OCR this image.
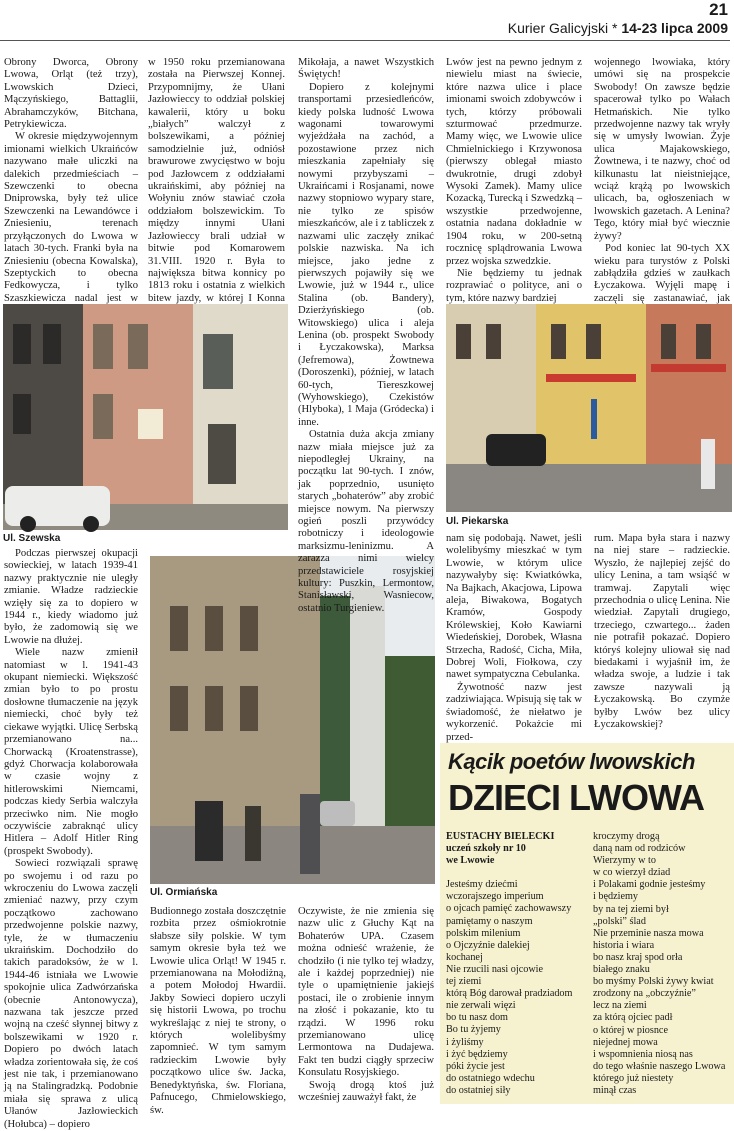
21
Kurier Galicyjski * 14-23 lipca 2009

Obrony Dworca, Obrony Lwowa, Orląt (też trzy), Lwowskich Dzieci, Mączyńskiego, Battaglii, Abrahamczyków, Bitchana, Petrykiewicza.

W okresie międzywojennym imionami wielkich Ukraińców nazywano małe uliczki na dalekich przedmieściach – Szewczenki to obecna Dniprowska, były też ulice Szewczenki na Lewandówce i Zniesieniu, terenach przyłączonych do Lwowa w latach 30-tych. Franki była na Zniesieniu (obecna Kowalska), Szeptyckich to obecna Fedkowycza, i tylko Szaszkiewicza nadal jest w

w 1950 roku przemianowana została na Pierwszej Konnej. Przypomnijmy, że Ułani Jazłowieccy to oddział polskiej kawalerii, który u boku „białych” walczył z bolszewikami, a później samodzielnie już, odniósł brawurowe zwycięstwo w boju pod Jazłowcem z oddziałami ukraińskimi, aby później na Wołyniu znów stawiać czoła oddziałom bolszewickim. To między innymi Ułani Jazłowieccy brali udział w bitwie pod Komarowem 31.VIII. 1920 r. Była to największa bitwa konnicy po 1813 roku i ostatnia z wielkich bitew jazdy, w której I Konna

Ul. Szewska

Podczas pierwszej okupacji sowieckiej, w latach 1939-41 nazwy praktycznie nie uległy zmianie. Władze radzieckie wzięły się za to dopiero w 1944 r., kiedy wiadomo już było, że zadomowią się we Lwowie na dłużej.

Wiele nazw zmienił natomiast w l. 1941-43 okupant niemiecki. Większość zmian było to po prostu dosłowne tłumaczenie na język niemiecki, choć były też ciekawe wyjątki. Ulicę Serbską przemianowano na... Chorwacką (Kroatenstrasse), gdyż Chorwacja kolaborowała w czasie wojny z hitlerowskimi Niemcami, podczas kiedy Serbia walczyła przeciwko nim. Nie mogło oczywiście zabraknąć ulicy Hitlera – Adolf Hitler Ring (prospekt Swobody).

Sowieci rozwiązali sprawę po swojemu i od razu po wkroczeniu do Lwowa zaczęli zmieniać nazwy, przy czym początkowo zachowano przedwojenne polskie nazwy, tyle, że w tłumaczeniu ukraińskim. Dochodziło do takich paradoksów, że w l. 1944-46 istniała we Lwowie spokojnie ulica Zadwórzańska (obecnie Antonowycza), nazwana tak jeszcze przed wojną na cześć słynnej bitwy z bolszewikami w 1920 r. Dopiero po dwóch latach władza zorientowała się, że coś jest nie tak, i przemianowano ją na Stalingradzką. Podobnie miała się sprawa z ulicą Ułanów Jazłowieckich (Hołubca) – dopiero

Ul. Ormiańska

Mikołaja, a nawet Wszystkich Świętych!

Dopiero z kolejnymi transportami przesiedleńców, kiedy polska ludność Lwowa wagonami towarowymi wyjeżdżała na zachód, a pozostawione przez nich mieszkania zapełniały się nowymi przybyszami – Ukraińcami i Rosjanami, nowe nazwy stopniowo wypary stare, nie tylko ze spisów mieszkańców, ale i z tabliczek z nazwami ulic zaczęły znikać polskie nazwiska. Na ich miejsce, jako jedne z pierwszych pojawiły się we Lwowie, już w 1944 r., ulice Stalina (ob. Bandery), Dzierżyńskiego (ob. Witowskiego) ulica i aleja Lenina (ob. prospekt Swobody i Łyczakowska), Marksa (Jefremowa), Żowtnewa (Doroszenki), później, w latach 60-tych, Tiereszkowej (Wyhowskiego), Czekistów (Hlyboka), 1 Maja (Gródecka) i inne.

Ostatnia duża akcja zmiany nazw miała miejsce już za niepodległej Ukrainy, na początku lat 90-tych. I znów, jak poprzednio, usunięto starych „bohaterów” aby zrobić miejsce nowym. Na pierwszy ogień poszli przywódcy robotniczy i ideologowie marksizmu-leninizmu. A zarazza nimi wielcy przedstawiciele rosyjskiej kultury: Puszkin, Lermontow, Stanisławski, Wasniecow, ostatnio Turgieniew.

Budionnego została doszczętnie rozbita przez ośmiokrotnie słabsze siły polskie. W tym samym okresie była też we Lwowie ulica Orląt! W 1945 r. przemianowana na Mołodiżną, a potem Mołodoj Hwardii. Jakby Sowieci dopiero uczyli się historii Lwowa, po trochu wykreślając z niej te strony, o których wolelibyśmy zapomnieć. W tym samym radzieckim Lwowie były początkowo ulice św. Jacka, Benedyktyńska, św. Floriana, Pafnucego, Chmielowskiego, św.

Oczywiste, że nie zmienia się nazw ulic z Głuchy Kąt na Bohaterów UPA. Czasem można odnieść wrażenie, że chodziło (i nie tylko tej władzy, ale i każdej poprzedniej) nie tyle o upamiętnienie jakiejś postaci, ile o zrobienie innym na złość i pokazanie, kto tu rządzi. W 1996 roku przemianowano ulicę Lermontowa na Dudajewa. Fakt ten budzi ciągły sprzeciw Konsulatu Rosyjskiego.

Swoją drogą ktoś już wcześniej zauważył fakt, że

Lwów jest na pewno jednym z niewielu miast na świecie, które nazwa ulice i place imionami swoich zdobywców i tych, którzy próbowali szturmować przedmurze. Mamy więc, we Lwowie ulice Chmielnickiego i Krzywonosa (pierwszy oblegał miasto dwukrotnie, drugi zdobył Wysoki Zamek). Mamy ulice Kozacką, Turecką i Szwedzką – wszystkie przedwojenne, ostatnia nadana dokładnie w 1904 roku, w 200-setną rocznicę splądrowania Lwowa przez wojska szwedzkie.

Nie będziemy tu jednak rozprawiać o polityce, ani o tym, które nazwy bardziej

wojennego lwowiaka, który umówi się na prospekcie Swobody! On zawsze będzie spacerował tylko po Wałach Hetmańskich. Nie tylko przedwojenne nazwy tak wryły się w umysły lwowian. Żyje ulica Majakowskiego, Żowtnewa, i te nazwy, choć od kilkunastu lat nieistniejące, wciąż krążą po lwowskich ulicach, ba, ogłoszeniach w lwowskich gazetach. A Lenina? Tego, który miał być wiecznie żywy?

Pod koniec lat 90-tych XX wieku para turystów z Polski zabłądziła gdzieś w zaułkach Łyczakowa. Wyjęli mapę i zaczęli się zastanawiać, jak

Ul. Piekarska

nam się podobają. Nawet, jeśli wolelibyśmy mieszkać w tym Lwowie, w którym ulice nazywałyby się: Kwiatkówka, Na Bajkach, Akacjowa, Lipowa aleja, Biwakowa, Bogatych Kramów, Gospody Królewskiej, Koło Kawiarni Wiedeńskiej, Dorobek, Własna Strzecha, Radość, Cicha, Miła, Dobrej Woli, Fiołkowa, czy nawet sympatyczna Cebulanka.

Żywotność nazw jest zadziwiająca. Wpisują się tak w świadomość, że niełatwo je wykorzenić. Pokażcie mi przed-

rum. Mapa była stara i nazwy na niej stare – radzieckie. Wyszło, że najlepiej zejść do ulicy Lenina, a tam wsiąść w tramwaj. Zapytali więc przechodnia o ulicę Lenina. Nie wiedział. Zapytali drugiego, trzeciego, czwartego... żaden nie potrafił pokazać. Dopiero któryś kolejny uliował się nad biedakami i wyjaśnił im, że władza swoje, a ludzie i tak zawsze nazywali ją Łyczakowską. Bo czymże byłby Lwów bez ulicy Łyczakowskiej?

Kącik poetów lwowskich
DZIECI LWOWA
EUSTACHY BIELECKI
uczeń szkoły nr 10
we Lwowie
Jesteśmy dziećmi
wczorajszego imperium
o ojcach pamięć zachowawszy
pamiętamy o naszym
polskim milenium
o Ojczyźnie dalekiej
kochanej
Nie rzucili nasi ojcowie
tej ziemi
którą Bóg darował pradziadom
nie zerwali więzi
bo tu nasz dom
Bo tu żyjemy
i żyliśmy
i żyć będziemy
póki życie jest
do ostatniego wdechu
do ostatniej siły
kroczymy drogą
daną nam od rodziców
Wierzymy w to
w co wierzył dziad
i Polakami godnie jesteśmy
i będziemy
by na tej ziemi był
„polski” ślad
Nie przeminie nasza mowa
historia i wiara
bo nasz kraj spod orła
białego znaku
bo myśmy Polski żywy kwiat
zrodzony na „obczyźnie”
lecz na ziemi
za którą ojciec padł
o której w piosnce
niejednej mowa
i wspomnienia niosą nas
do tego właśnie naszego Lwowa
którego już niestety
minął czas
